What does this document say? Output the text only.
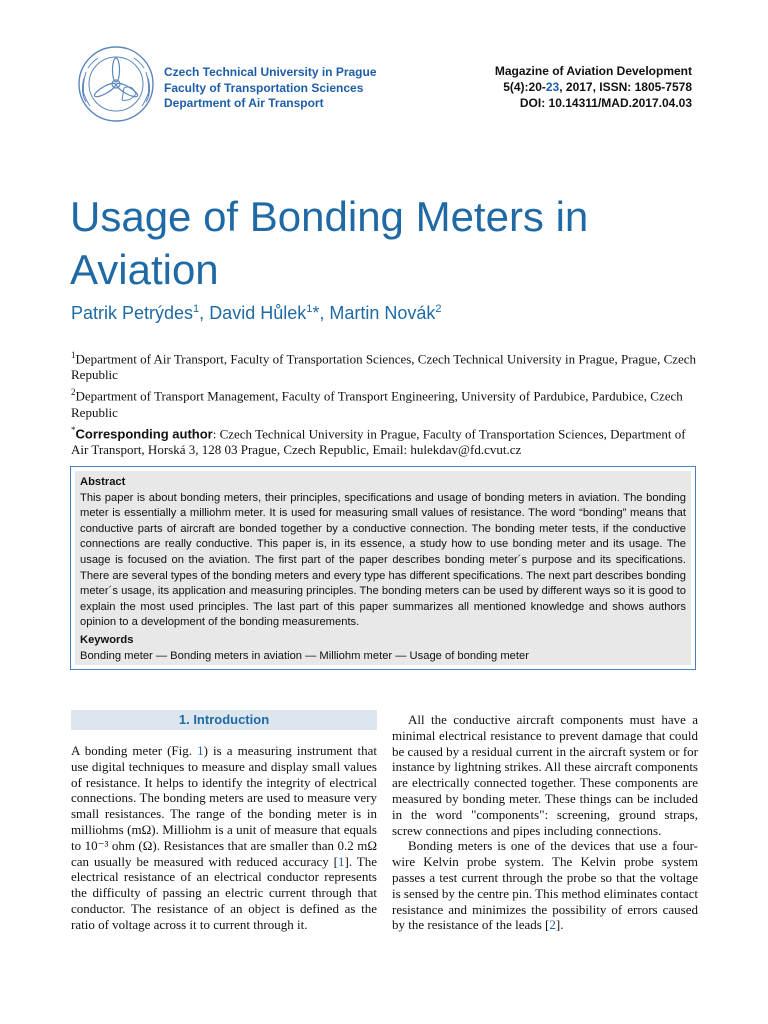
Czech Technical University in Prague
Faculty of Transportation Sciences
Department of Air Transport
Magazine of Aviation Development
5(4):20-23, 2017, ISSN: 1805-7578
DOI: 10.14311/MAD.2017.04.03
Usage of Bonding Meters in Aviation
Patrik Petrýdes$^1$, David Hůlek$^1$*, Martin Novák$^2$

$^1$Department of Air Transport, Faculty of Transportation Sciences, Czech Technical University in Prague, Prague, Czech Republic

$^2$Department of Transport Management, Faculty of Transport Engineering, University of Pardubice, Pardubice, Czech Republic

*Corresponding author: Czech Technical University in Prague, Faculty of Transportation Sciences, Department of Air Transport, Horská 3, 128 03 Prague, Czech Republic, Email: hulekdav@fd.cvut.cz

Abstract
This paper is about bonding meters, their principles, specifications and usage of bonding meters in aviation. The bonding meter is essentially a milliohm meter. It is used for measuring small values of resistance. The word “bonding” means that conductive parts of aircraft are bonded together by a conductive connection. The bonding meter tests, if the conductive connections are really conductive. This paper is, in its essence, a study how to use bonding meter and its usage. The usage is focused on the aviation. The first part of the paper describes bonding meter´s purpose and its specifications. There are several types of the bonding meters and every type has different specifications. The next part describes bonding meter´s usage, its application and measuring principles. The bonding meters can be used by different ways so it is good to explain the most used principles. The last part of this paper summarizes all mentioned knowledge and shows authors opinion to a development of the bonding measurements.
Keywords
Bonding meter — Bonding meters in aviation — Milliohm meter — Usage of bonding meter
1. Introduction

A bonding meter (Fig. 1) is a measuring instrument that use digital techniques to measure and display small values of resistance. It helps to identify the integrity of electrical connections. The bonding meters are used to measure very small resistances. The range of the bonding meter is in milliohms (mΩ). Milliohm is a unit of measure that equals to 10⁻³ ohm (Ω). Resistances that are smaller than 0.2 mΩ can usually be measured with reduced accuracy [1]. The electrical resistance of an electrical conductor represents the difficulty of passing an electric current through that conductor. The resistance of an object is defined as the ratio of voltage across it to current through it.

All the conductive aircraft components must have a minimal electrical resistance to prevent damage that could be caused by a residual current in the aircraft system or for instance by lightning strikes. All these aircraft components are electrically connected together. These components are measured by bonding meter. These things can be included in the word "components": screening, ground straps, screw connections and pipes including connections.

Bonding meters is one of the devices that use a four-wire Kelvin probe system. The Kelvin probe system passes a test current through the probe so that the voltage is sensed by the centre pin. This method eliminates contact resistance and minimizes the possibility of errors caused by the resistance of the leads [2].
